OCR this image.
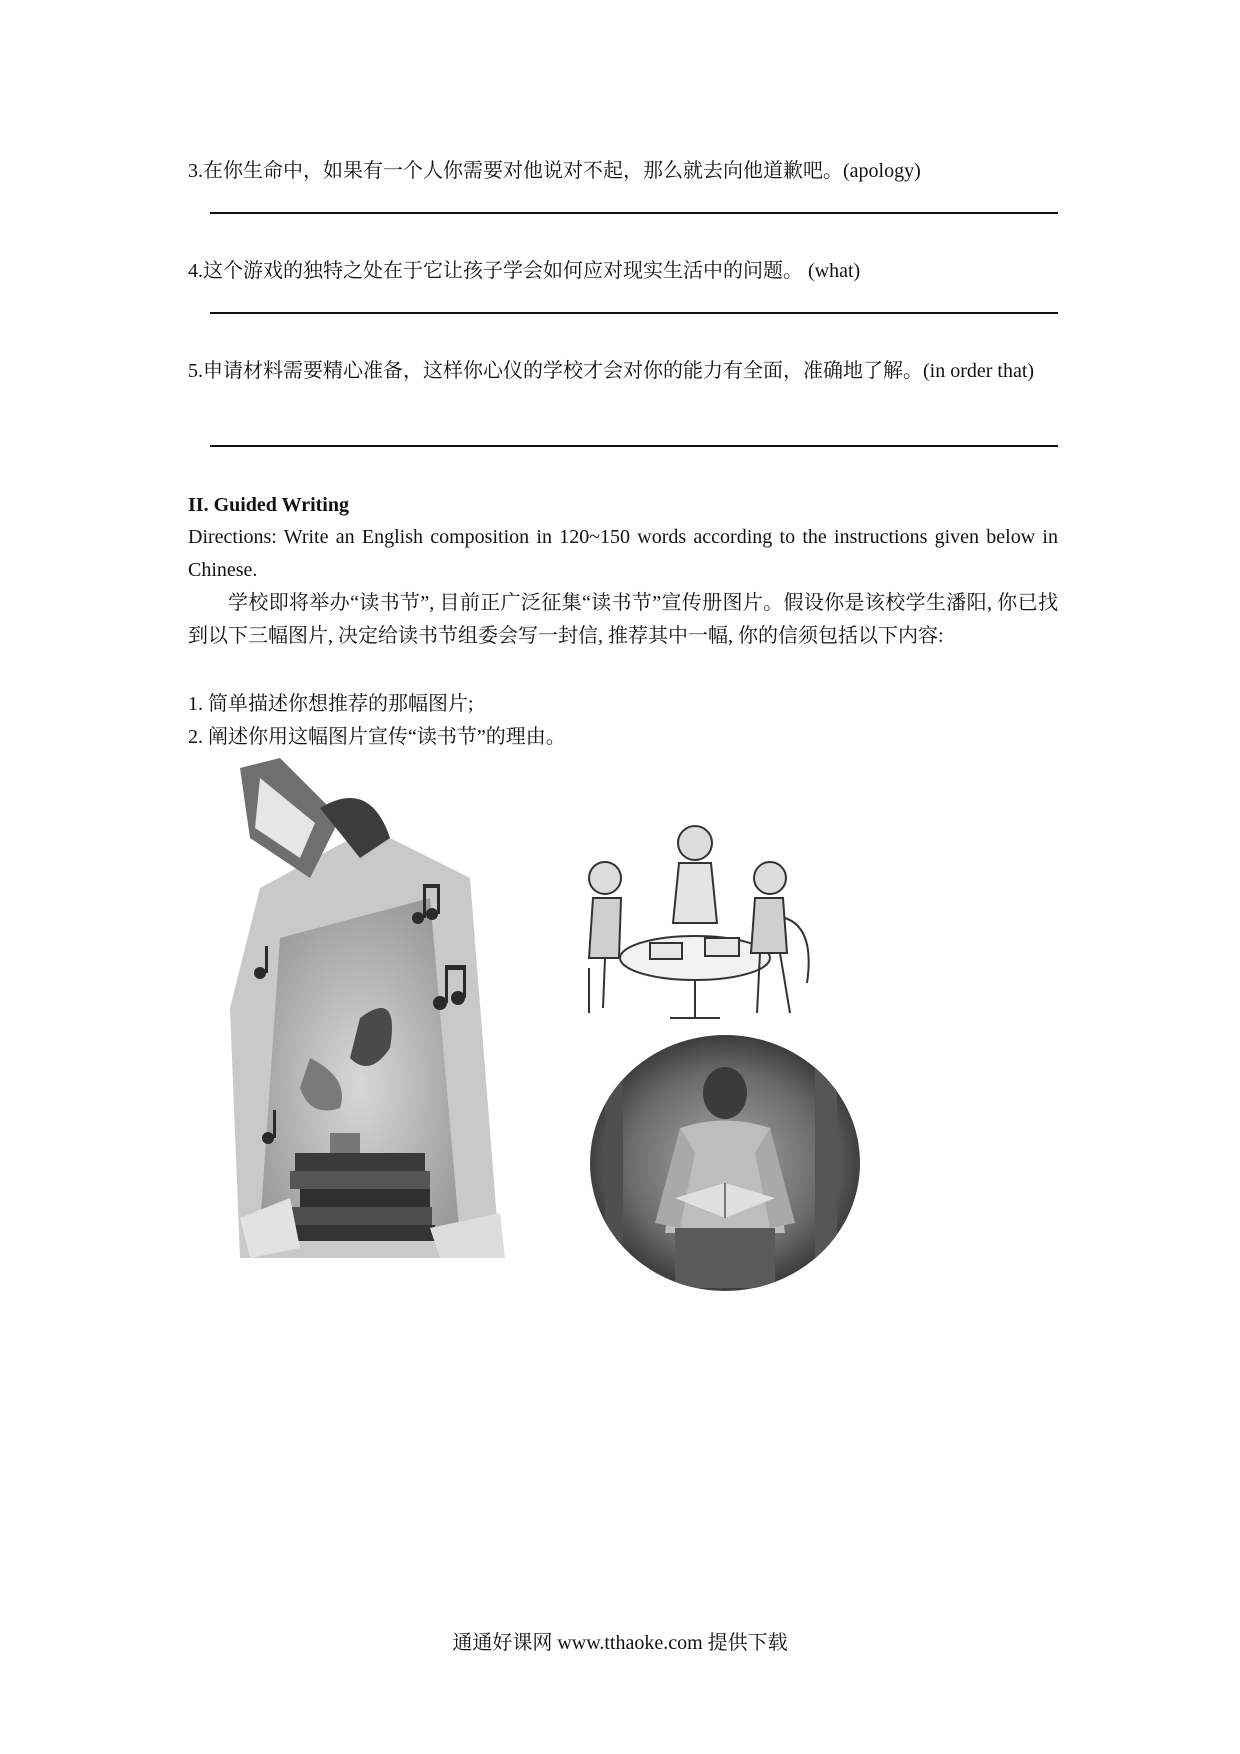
3.在你生命中，如果有一个人你需要对他说对不起，那么就去向他道歉吧。(apology)
4.这个游戏的独特之处在于它让孩子学会如何应对现实生活中的问题。 (what)
5.申请材料需要精心准备，这样你心仪的学校才会对你的能力有全面，准确地了解。(in order that)
II. Guided Writing
Directions: Write an English composition in 120~150 words according to the instructions given below in Chinese.
学校即将举办“读书节”, 目前正广泛征集“读书节”宣传册图片。假设你是该校学生潘阳, 你已找到以下三幅图片, 决定给读书节组委会写一封信, 推荐其中一幅, 你的信须包括以下内容:
1. 简单描述你想推荐的那幅图片;
2. 阐述你用这幅图片宣传“读书节”的理由。
通通好课网 www.tthaoke.com 提供下载
